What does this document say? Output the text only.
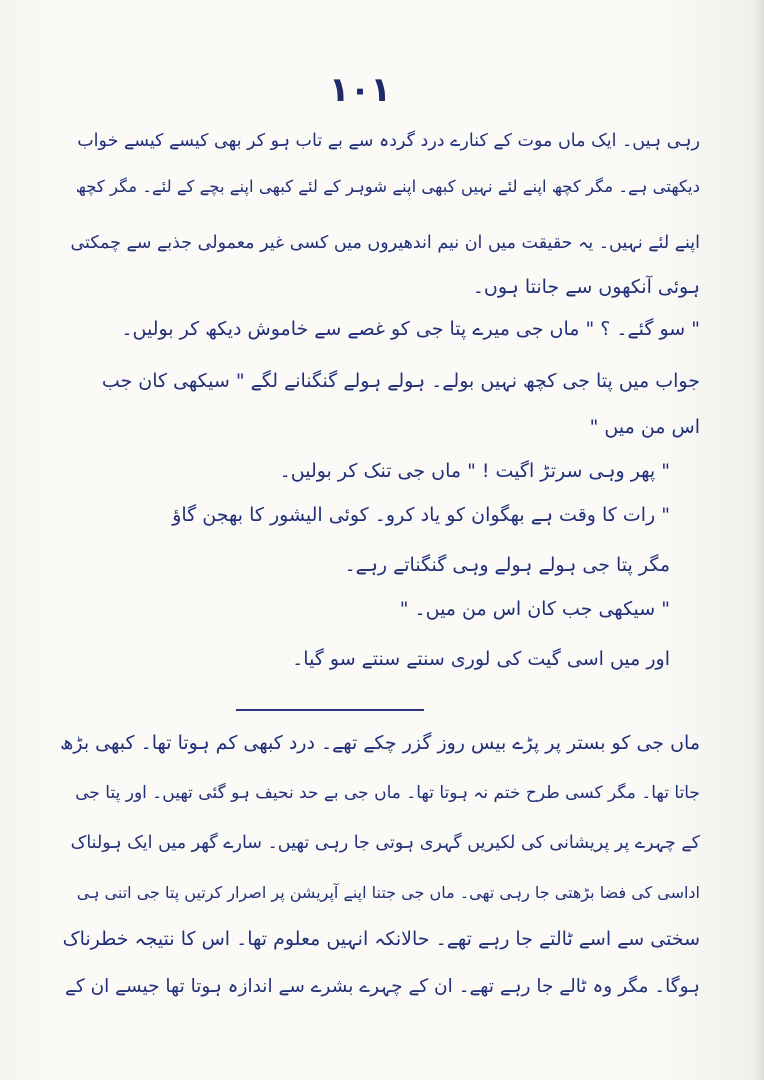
۱۰۱
رہی ہیں۔ ایک ماں موت کے کنارے درد گردہ سے بے تاب ہو کر بھی کیسے کیسے خواب
دیکھتی ہے۔ مگر کچھ اپنے لئے نہیں کبھی اپنے شوہر کے لئے کبھی اپنے بچے کے لئے۔ مگر کچھ
اپنے لئے نہیں۔ یہ حقیقت میں ان نیم اندھیروں میں کسی غیر معمولی جذبے سے چمکتی
ہوئی آنکھوں سے جانتا ہوں۔
" سو گئے۔ ؟ " ماں جی میرے پتا جی کو غصے سے خاموش دیکھ کر بولیں۔
جواب میں پتا جی کچھ نہیں بولے۔ ہولے ہولے گنگنانے لگے " سیکھی کان جب
اس من میں "
" پھر وہی سرتڑ اگیت ! " ماں جی تنک کر بولیں۔
" رات کا وقت ہے بھگوان کو یاد کرو۔ کوئی الیشور کا بھجن گاؤ
مگر پتا جی ہولے ہولے وہی گنگناتے رہے۔
" سیکھی جب کان اس من میں۔ "
اور میں اسی گیت کی لوری سنتے سنتے سو گیا۔
ماں جی کو بستر پر پڑے بیس روز گزر چکے تھے۔ درد کبھی کم ہوتا تھا۔ کبھی بڑھ
جاتا تھا۔ مگر کسی طرح ختم نہ ہوتا تھا۔ ماں جی بے حد نحیف ہو گئی تھیں۔ اور پتا جی
کے چہرے پر پریشانی کی لکیریں گہری ہوتی جا رہی تھیں۔ سارے گھر میں ایک ہولناک
اداسی کی فضا بڑھتی جا رہی تھی۔ ماں جی جتنا اپنے آپریشن پر اصرار کرتیں پتا جی اتنی ہی
سختی سے اسے ٹالتے جا رہے تھے۔ حالانکہ انہیں معلوم تھا۔ اس کا نتیجہ خطرناک
ہوگا۔ مگر وہ ٹالے جا رہے تھے۔ ان کے چہرے بشرے سے اندازہ ہوتا تھا جیسے ان کے
